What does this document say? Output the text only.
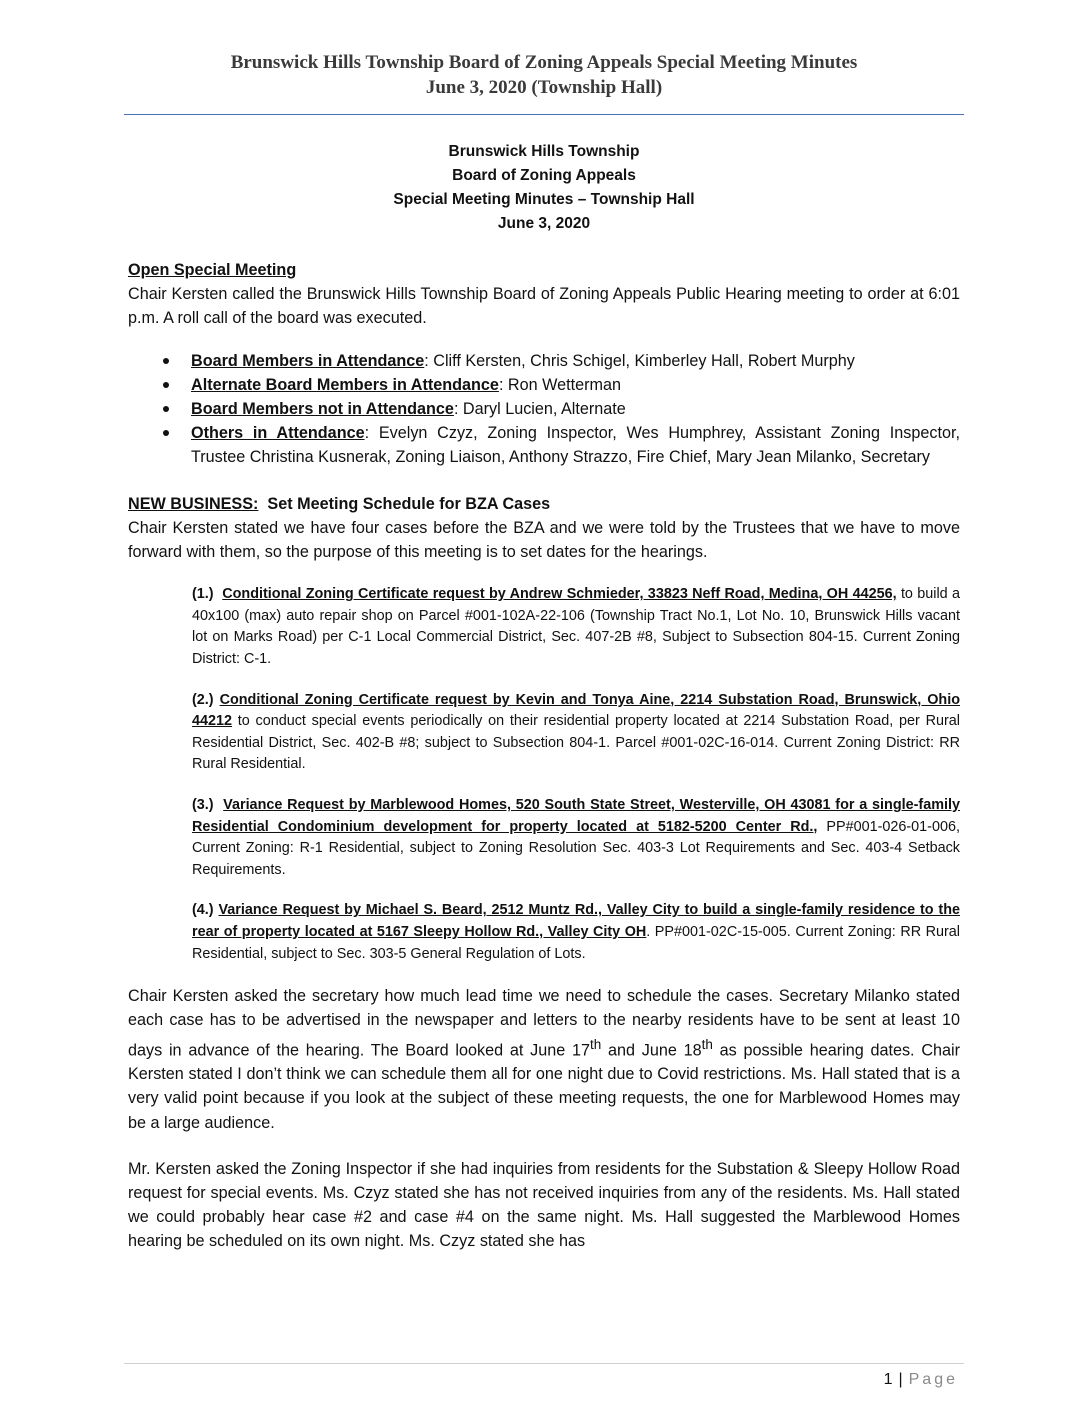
Brunswick Hills Township Board of Zoning Appeals Special Meeting Minutes
June 3, 2020 (Township Hall)
Brunswick Hills Township
Board of Zoning Appeals
Special Meeting Minutes – Township Hall
June 3, 2020
Open Special Meeting

Chair Kersten called the Brunswick Hills Township Board of Zoning Appeals Public Hearing meeting to order at 6:01 p.m. A roll call of the board was executed.

Board Members in Attendance: Cliff Kersten, Chris Schigel, Kimberley Hall, Robert Murphy
Alternate Board Members in Attendance: Ron Wetterman
Board Members not in Attendance: Daryl Lucien, Alternate
Others in Attendance: Evelyn Czyz, Zoning Inspector, Wes Humphrey, Assistant Zoning Inspector, Trustee Christina Kusnerak, Zoning Liaison, Anthony Strazzo, Fire Chief, Mary Jean Milanko, Secretary
NEW BUSINESS:  Set Meeting Schedule for BZA Cases

Chair Kersten stated we have four cases before the BZA and we were told by the Trustees that we have to move forward with them, so the purpose of this meeting is to set dates for the hearings.

(1.)  Conditional Zoning Certificate request by Andrew Schmieder, 33823 Neff Road, Medina, OH 44256, to build a 40x100 (max) auto repair shop on Parcel #001-102A-22-106 (Township Tract No.1, Lot No. 10, Brunswick Hills vacant lot on Marks Road) per C-1 Local Commercial District, Sec. 407-2B #8, Subject to Subsection 804-15. Current Zoning District: C-1.

(2.) Conditional Zoning Certificate request by Kevin and Tonya Aine, 2214 Substation Road, Brunswick, Ohio 44212 to conduct special events periodically on their residential property located at 2214 Substation Road, per Rural Residential District, Sec. 402-B #8; subject to Subsection 804-1. Parcel #001-02C-16-014. Current Zoning District: RR Rural Residential.

(3.)  Variance Request by Marblewood Homes, 520 South State Street, Westerville, OH 43081 for a single-family Residential Condominium development for property located at 5182-5200 Center Rd., PP#001-026-01-006, Current Zoning: R-1 Residential, subject to Zoning Resolution Sec. 403-3 Lot Requirements and Sec. 403-4 Setback Requirements.

(4.) Variance Request by Michael S. Beard, 2512 Muntz Rd., Valley City to build a single-family residence to the rear of property located at 5167 Sleepy Hollow Rd., Valley City OH. PP#001-02C-15-005. Current Zoning: RR Rural Residential, subject to Sec. 303-5 General Regulation of Lots.

Chair Kersten asked the secretary how much lead time we need to schedule the cases. Secretary Milanko stated each case has to be advertised in the newspaper and letters to the nearby residents have to be sent at least 10 days in advance of the hearing. The Board looked at June 17th and June 18th as possible hearing dates. Chair Kersten stated I don’t think we can schedule them all for one night due to Covid restrictions. Ms. Hall stated that is a very valid point because if you look at the subject of these meeting requests, the one for Marblewood Homes may be a large audience.

Mr. Kersten asked the Zoning Inspector if she had inquiries from residents for the Substation & Sleepy Hollow Road request for special events. Ms. Czyz stated she has not received inquiries from any of the residents. Ms. Hall stated we could probably hear case #2 and case #4 on the same night. Ms. Hall suggested the Marblewood Homes hearing be scheduled on its own night. Ms. Czyz stated she has

1 | Page
